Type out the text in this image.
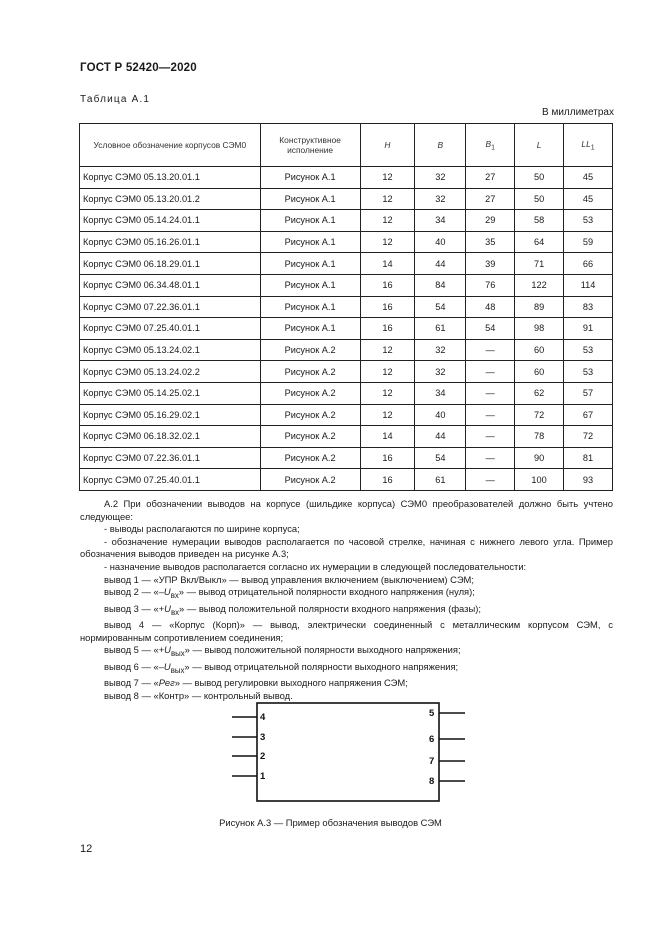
ГОСТ Р 52420—2020
Таблица А.1
В миллиметрах
Условное обозначение корпусов СЭМ0	Конструктивное исполнение	H	B	$B_1$	L	$LL_1$
Корпус СЭМ0 05.13.20.01.1	Рисунок А.1	12	32	27	50	45
Корпус СЭМ0 05.13.20.01.2	Рисунок А.1	12	32	27	50	45
Корпус СЭМ0 05.14.24.01.1	Рисунок А.1	12	34	29	58	53
Корпус СЭМ0 05.16.26.01.1	Рисунок А.1	12	40	35	64	59
Корпус СЭМ0 06.18.29.01.1	Рисунок А.1	14	44	39	71	66
Корпус СЭМ0 06.34.48.01.1	Рисунок А.1	16	84	76	122	114
Корпус СЭМ0 07.22.36.01.1	Рисунок А.1	16	54	48	89	83
Корпус СЭМ0 07.25.40.01.1	Рисунок А.1	16	61	54	98	91
Корпус СЭМ0 05.13.24.02.1	Рисунок А.2	12	32	—	60	53
Корпус СЭМ0 05.13.24.02.2	Рисунок А.2	12	32	—	60	53
Корпус СЭМ0 05.14.25.02.1	Рисунок А.2	12	34	—	62	57
Корпус СЭМ0 05.16.29.02.1	Рисунок А.2	12	40	—	72	67
Корпус СЭМ0 06.18.32.02.1	Рисунок А.2	14	44	—	78	72
Корпус СЭМ0 07.22.36.01.1	Рисунок А.2	16	54	—	90	81
Корпус СЭМ0 07.25.40.01.1	Рисунок А.2	16	61	—	100	93

А.2 При обозначении выводов на корпусе (шильдике корпуса) СЭМ0 преобразователей должно быть учтено следующее:

- выводы располагаются по ширине корпуса;

- обозначение нумерации выводов располагается по часовой стрелке, начиная с нижнего левого угла. Пример обозначения выводов приведен на рисунке А.3;

- назначение выводов располагается согласно их нумерации в следующей последовательности:

вывод 1 — «УПР Вкл/Выкл» — вывод управления включением (выключением) СЭМ;

вывод 2 — «$-U_{вх}$» — вывод отрицательной полярности входного напряжения (нуля);

вывод 3 — «$+U_{вх}$» — вывод положительной полярности входного напряжения (фазы);

вывод 4 — «Корпус (Корп)» — вывод, электрически соединенный с металлическим корпусом СЭМ, с нормированным сопротивлением соединения;

вывод 5 — «$+U_{вых}$» — вывод положительной полярности выходного напряжения;

вывод 6 — «$-U_{вых}$» — вывод отрицательной полярности выходного напряжения;

вывод 7 — «Рег» — вывод регулировки выходного напряжения СЭМ;

вывод 8 — «Контр» — контрольный вывод.

4
3
2
1
5
6
7
8
Рисунок А.3 — Пример обозначения выводов СЭМ
12
